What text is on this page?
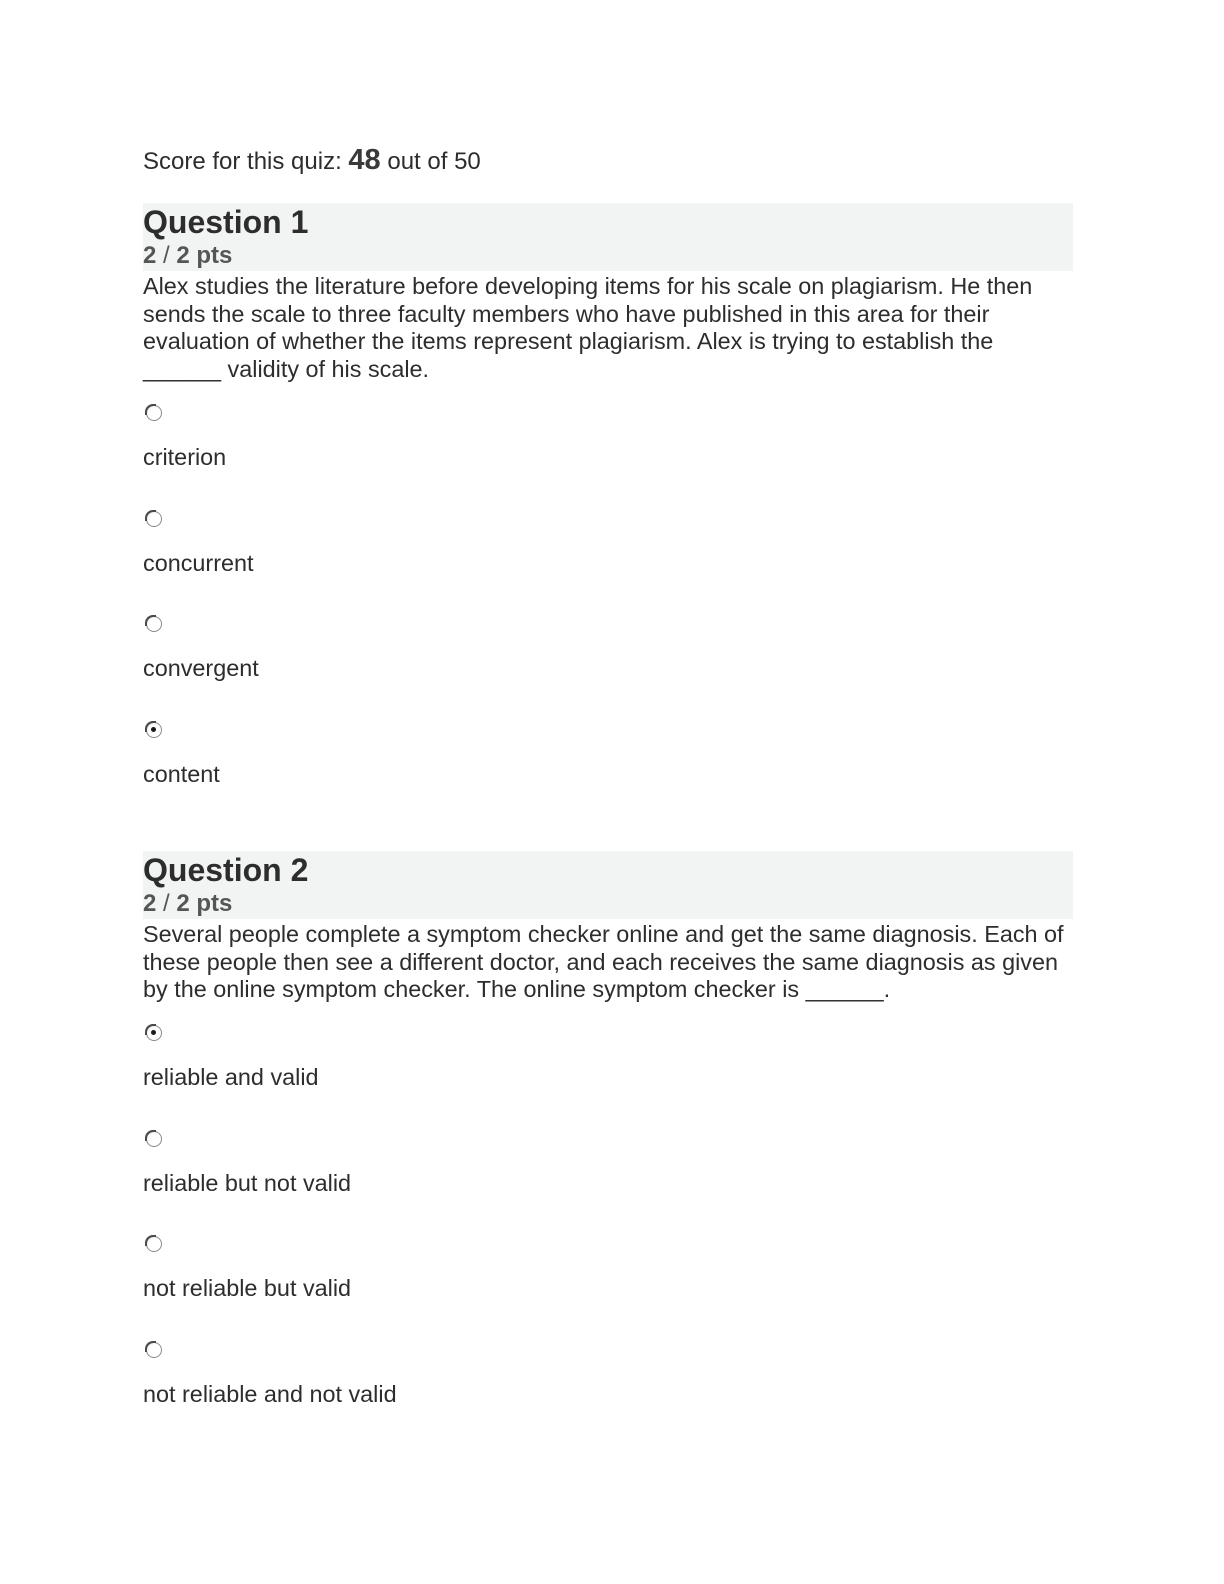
Score for this quiz: 48 out of 50
Question 1
2 / 2 pts

Alex studies the literature before developing items for his scale on plagiarism. He then sends the scale to three faculty members who have published in this area for their evaluation of whether the items represent plagiarism. Alex is trying to establish the ______ validity of his scale.

criterion
concurrent
convergent
content
Question 2
2 / 2 pts

Several people complete a symptom checker online and get the same diagnosis. Each of these people then see a different doctor, and each receives the same diagnosis as given by the online symptom checker. The online symptom checker is ______.

reliable and valid
reliable but not valid
not reliable but valid
not reliable and not valid
